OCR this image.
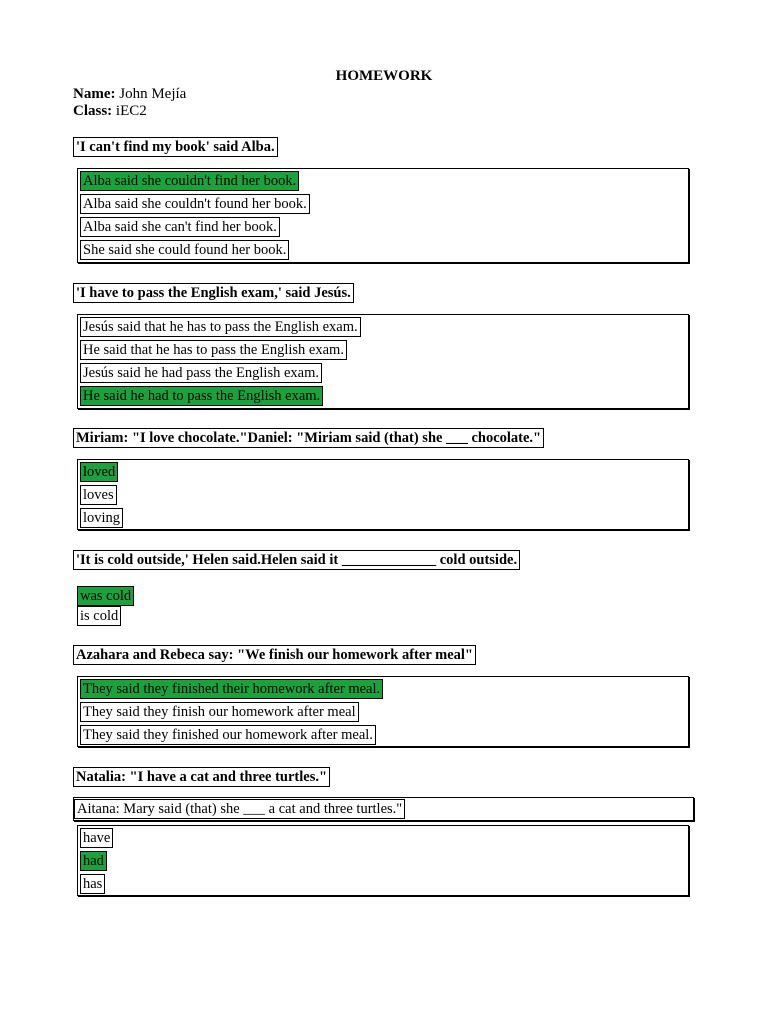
HOMEWORK
Name: John Mejía
Class: iEC2
'I can't find my book' said Alba.
Alba said she couldn't find her book.
Alba said she couldn't found her book.
Alba said she can't find her book.
She said she could found her book.
'I have to pass the English exam,' said Jesús.
Jesús said that he has to pass the English exam.
He said that he has to pass the English exam.
Jesús said he had pass the English exam.
He said he had to pass the English exam.
Miriam: "I love chocolate."Daniel: "Miriam said (that) she ___ chocolate."
loved
loves
loving
'It is cold outside,' Helen said.Helen said it _____________ cold outside.
was cold
is cold
Azahara and Rebeca say: "We finish our homework after meal"
They said they finished their homework after meal.
They said they finish our homework after meal
They said they finished our homework after meal.
Natalia: "I have a cat and three turtles."
Aitana: Mary said (that) she ___ a cat and three turtles."
have
had
has
